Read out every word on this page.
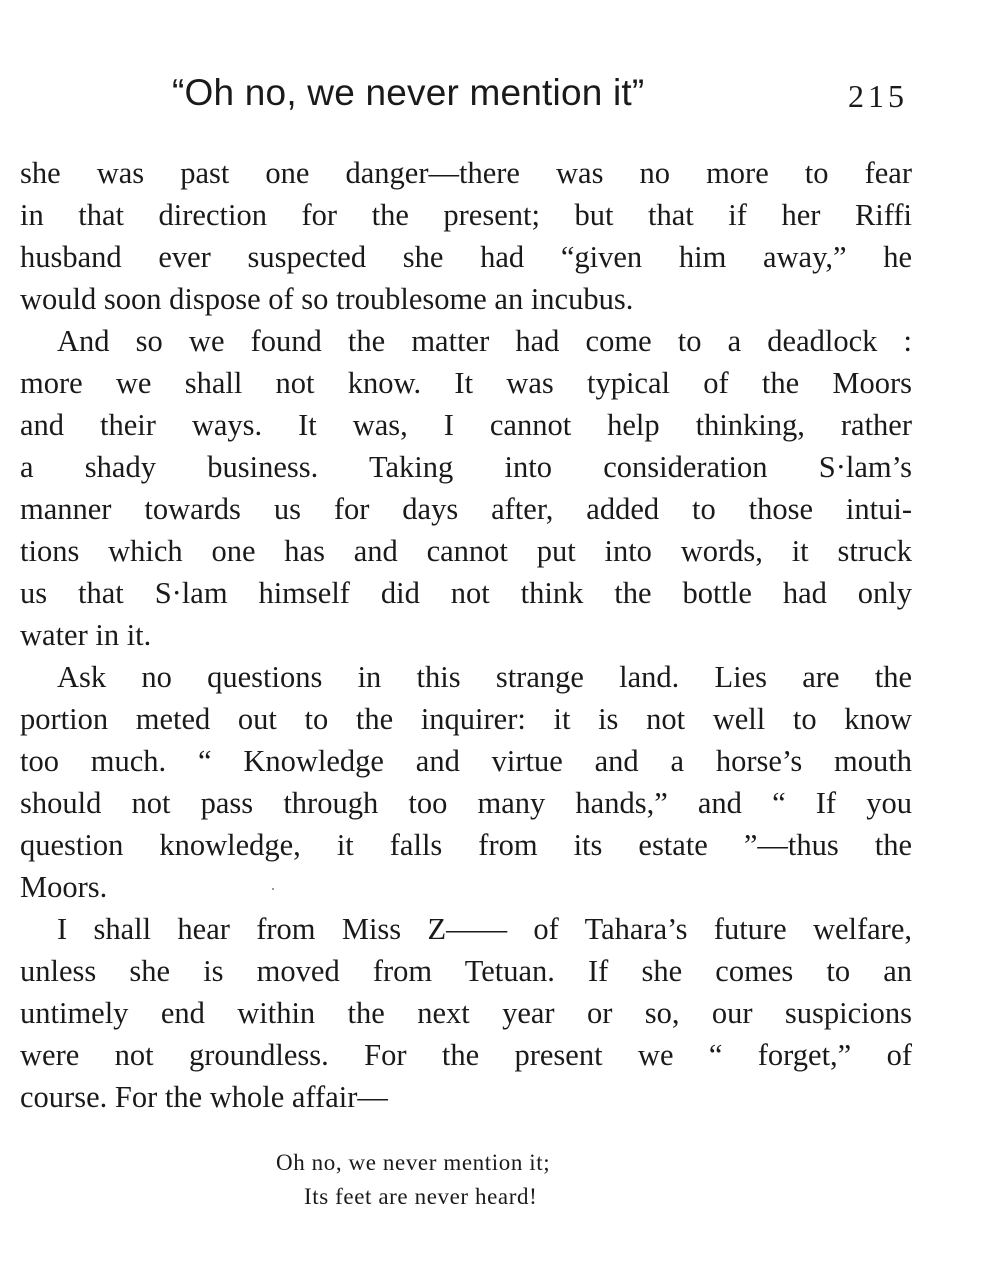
“Oh no, we never mention it”	215
she was past one danger—there was no more to fear
in that direction for the present; but that if her Riffi
husband ever suspected she had “given him away,” he
would soon dispose of so troublesome an incubus.
And so we found the matter had come to a deadlock :
more we shall not know. It was typical of the Moors
and their ways. It was, I cannot help thinking, rather
a shady business. Taking into consideration S·lam’s
manner towards us for days after, added to those intui-
tions which one has and cannot put into words, it struck
us that S·lam himself did not think the bottle had only
water in it.
Ask no questions in this strange land. Lies are the
portion meted out to the inquirer: it is not well to know
too much. “ Knowledge and virtue and a horse’s mouth
should not pass through too many hands,” and “ If you
question knowledge, it falls from its estate ”—thus the
Moors.
I shall hear from Miss Z—— of Tahara’s future welfare,
unless she is moved from Tetuan. If she comes to an
untimely end within the next year or so, our suspicions
were not groundless. For the present we “ forget,” of
course. For the whole affair—
Oh no, we never mention it;
Its feet are never heard!
